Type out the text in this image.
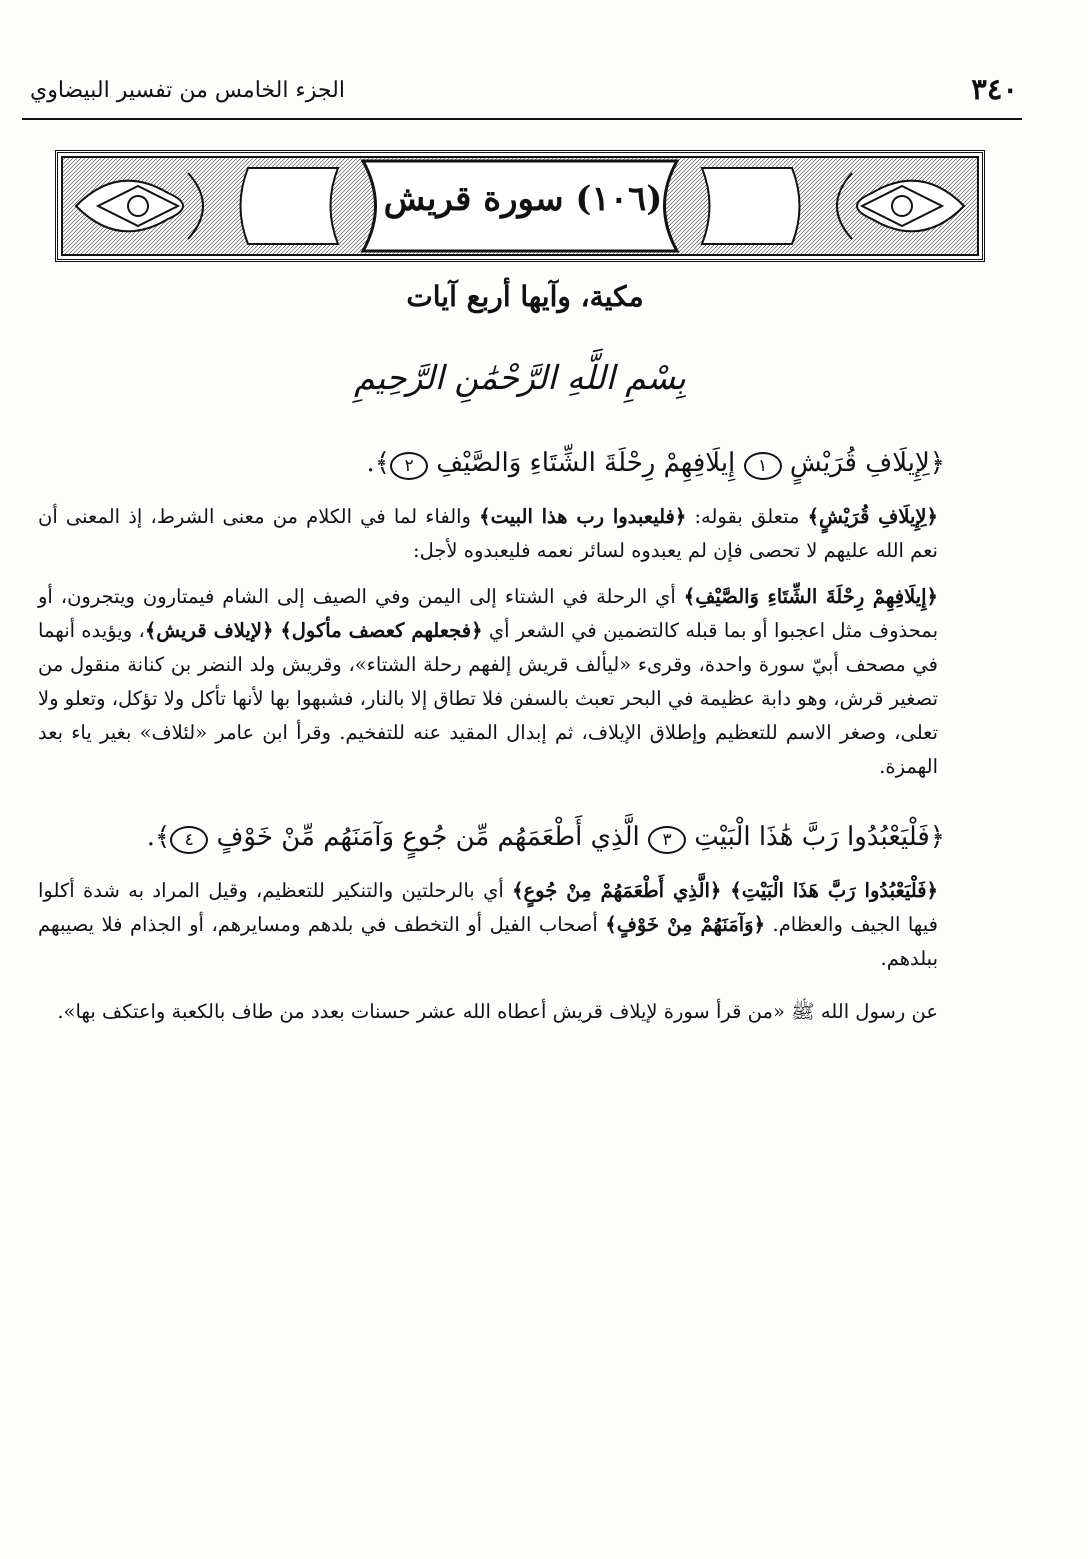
٣٤٠
الجزء الخامس من تفسير البيضاوي
(١٠٦) سورة قريش
مكية، وآيها أربع آيات
بِسْمِ اللَّهِ الرَّحْمَٰنِ الرَّحِيمِ
﴿لِإِيلَافِ قُرَيْشٍ ١ إِيلَافِهِمْ رِحْلَةَ الشِّتَاءِ وَالصَّيْفِ ٢﴾.
﴿لِإِيلَافِ قُرَيْشٍ﴾ متعلق بقوله: ﴿فليعبدوا رب هذا البيت﴾ والفاء لما في الكلام من معنى الشرط، إذ المعنى أن نعم الله عليهم لا تحصى فإن لم يعبدوه لسائر نعمه فليعبدوه لأجل:
﴿إِيلَافِهِمْ رِحْلَةَ الشِّتَاءِ وَالصَّيْفِ﴾ أي الرحلة في الشتاء إلى اليمن وفي الصيف إلى الشام فيمتارون ويتجرون، أو بمحذوف مثل اعجبوا أو بما قبله كالتضمين في الشعر أي ﴿فجعلهم كعصف مأكول﴾ ﴿لإيلاف قريش﴾، ويؤيده أنهما في مصحف أبيّ سورة واحدة، وقرىء «ليألف قريش إلفهم رحلة الشتاء»، وقريش ولد النضر بن كنانة منقول من تصغير قرش، وهو دابة عظيمة في البحر تعبث بالسفن فلا تطاق إلا بالنار، فشبهوا بها لأنها تأكل ولا تؤكل، وتعلو ولا تعلى، وصغر الاسم للتعظيم وإطلاق الإيلاف، ثم إبدال المقيد عنه للتفخيم. وقرأ ابن عامر «لئلاف» بغير ياء بعد الهمزة.
﴿فَلْيَعْبُدُوا رَبَّ هَٰذَا الْبَيْتِ ٣ الَّذِي أَطْعَمَهُم مِّن جُوعٍ وَآمَنَهُم مِّنْ خَوْفٍ ٤﴾.
﴿فَلْيَعْبُدُوا رَبَّ هَذَا الْبَيْتِ﴾ ﴿الَّذِي أَطْعَمَهُمْ مِنْ جُوعٍ﴾ أي بالرحلتين والتنكير للتعظيم، وقيل المراد به شدة أكلوا فيها الجيف والعظام. ﴿وَآمَنَهُمْ مِنْ خَوْفٍ﴾ أصحاب الفيل أو التخطف في بلدهم ومسايرهم، أو الجذام فلا يصيبهم ببلدهم.
عن رسول الله ﷺ «من قرأ سورة لإيلاف قريش أعطاه الله عشر حسنات بعدد من طاف بالكعبة واعتكف بها».
